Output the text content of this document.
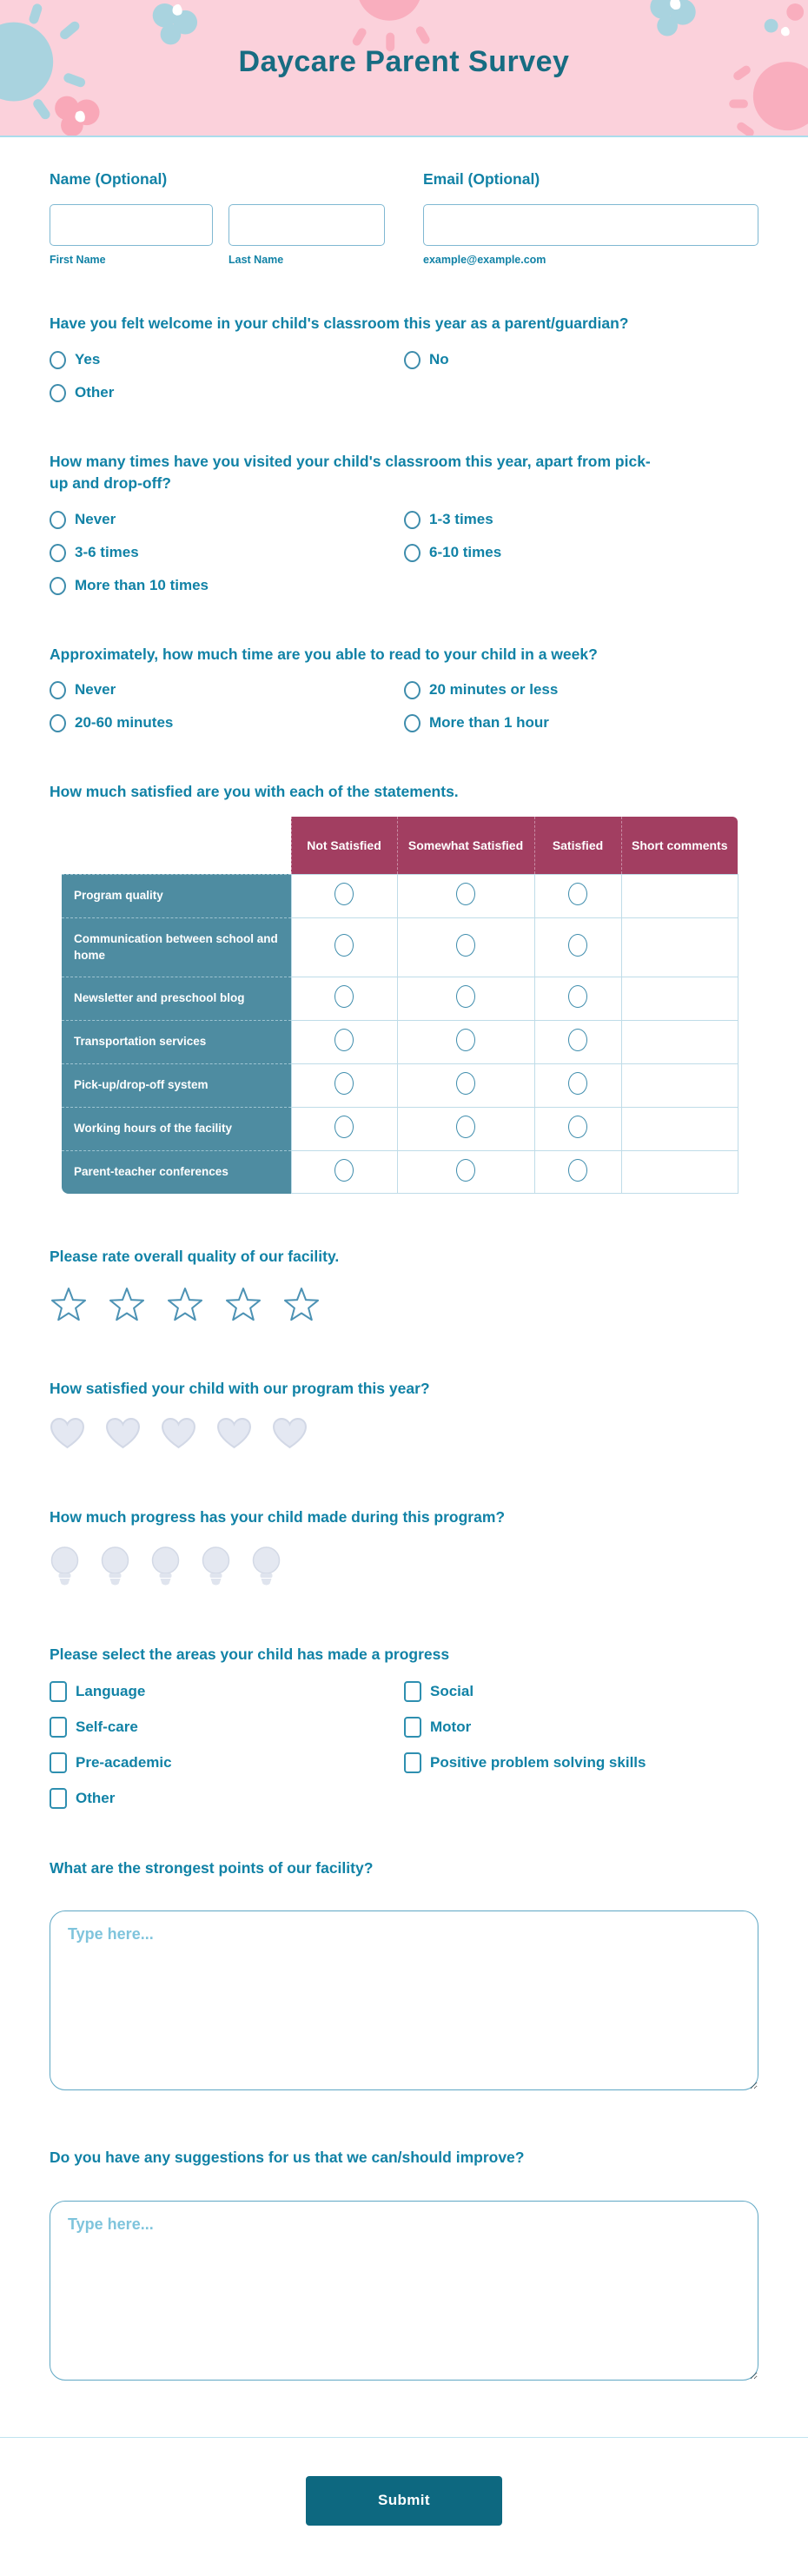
Daycare Parent Survey
Name (Optional)
First Name	Last Name
Email (Optional)
example@example.com
Have you felt welcome in your child's classroom this year as a parent/guardian?
Yes	No
Other
How many times have you visited your child's classroom this year, apart from pick-up and drop-off?
Never	1-3 times
3-6 times	6-10 times
More than 10 times
Approximately, how much time are you able to read to your child in a week?
Never	20 minutes or less
20-60 minutes	More than 1 hour
How much satisfied are you with each of the statements.
	Not Satisfied	Somewhat Satisfied	Satisfied	Short comments
Program quality				
Communication between school and home				
Newsletter and preschool blog				
Transportation services				
Pick-up/drop-off system				
Working hours of the facility				
Parent-teacher conferences				
Please rate overall quality of our facility.
How satisfied your child with our program this year?
How much progress has your child made during this program?
Please select the areas your child has made a progress
Language	Social
Self-care	Motor
Pre-academic	Positive problem solving skills
Other
What are the strongest points of our facility?
Type here...
Do you have any suggestions for us that we can/should improve?
Type here...
Submit
